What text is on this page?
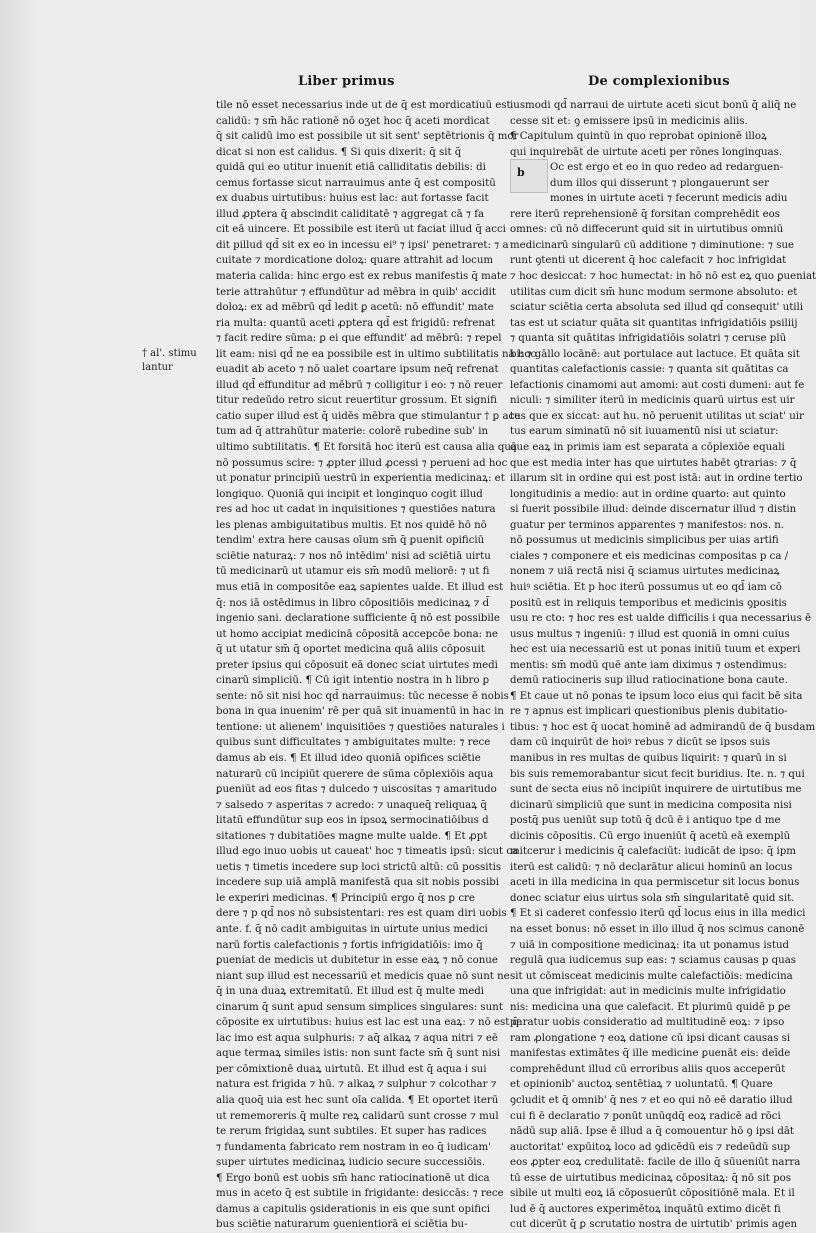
Liber primus	De complexionibus
† al'. stimu lantur
tile nō esset necessarius inde ut de q̄ est mordicatiuū est
calidū: ⁊ sm̄ hāc rationē nō oʒet hoc q̄ aceti mordicat
q̄ sit calidū imo est possibile ut sit sent' septētrionis q̄ mor
dicat si non est calidus. ¶ Si quis dixerit: q̄ sit q̄
quidā qui eo utitur inuenit etiā calliditatis debilis: di
cemus fortasse sicut narrauimus ante q̄ est compositū
ex duabus uirtutibus: huius est lac: aut fortasse facit
illud ꝓptera q̄ abscindit caliditatē ⁊ aggregat cā ⁊ fa
cit eā uincere. Et possibile est iterū ut faciat illud q̄ acci
dit pillud qd̄ sit ex eo in incessu ei⁹ ⁊ ipsi' penetraret: ⁊ a
cuitate ⁊ mordicatione doloꝝ: quare attrahit ad locum
materia calida: hinc ergo est ex rebus manifestis q̄ mate
terie attrahūtur ⁊ effundūtur ad mēbra in quib' accidit
doloꝝ: ex ad mēbrū qd̄ ledit ꝑ acetū: nō effundit' mate
ria multa: quantū aceti ꝓptera qd̄ est frigidū: refrenat
⁊ facit redire sūma: ꝑ ei que effundit' ad mēbrū: ⁊ repel
lit eam: nisi qd̄ ne ea possibile est in ultimo subtilitatis nā hoc
euadit ab aceto ⁊ nō ualet coartare ipsum neq̄ refrenat
illud qd̄ effunditur ad mēbrū ⁊ colligitur i eo: ⁊ nō reuer
titur redeūdo retro sicut reuertitur grossum. Et signifi
catio super illud est q̄ uidēs mēbra que stimulantur † ꝑ ace
tum ad q̄ attrahūtur materie: colorē rubedine sub' in
ultimo subtilitatis. ¶ Et forsitā hoc iterū est causa alia quā
nō possumus scire: ⁊ ꝓpter illud ꝓcessi ⁊ perueni ad hoc
ut ponatur principiū uestrū in experientia medicinaꝝ: et
longiquo. Quoniā qui incipit et longinquo cogit illud
res ad hoc ut cadat in inquisitiones ⁊ questiōes natura
les plenas ambiguitatibus multis. Et nos quidē hō nō
tendim' extra here causas oīum sm̄ q̄ ꝑuenit opificiū
sciētie naturaꝝ: ⁊ nos nō intēdim' nisi ad sciētiā uirtu
tū medicinarū ut utamur eis sm̄ modū meliorē: ⁊ ut fi
mus etiā in compositōe eaꝝ sapientes ualde. Et illud est
q̄: nos iā ostēdimus in libro cōpositiōis medicinaꝝ ⁊ d̄
ingenio sani. declaratione sufficiente q̄ nō est possibile
ut homo accipiat medicinā cōpositā accepcōe bona: ne
q̄ ut utatur sm̄ q̄ oportet medicina quā aliis cōposuit
preter ipsius qui cōposuit eā donec sciat uirtutes medi
cinarū simpliciū. ¶ Cū igit intentio nostra in h libro ꝑ
sente: nō sit nisi hoc qd̄ narrauimus: tūc necesse ē nobis
bona in qua inuenim' rē per quā sit inuamentū in hac in
tentione: ut alienem' inquisitiōes ⁊ questiōes naturales i
quibus sunt difficultates ⁊ ambiguitates multe: ⁊ rece
damus ab eis. ¶ Et illud ideo quoniā opifices sciētie
naturarū cū incipiūt querere de sūma cōplexiōis aqua
ꝑueniūt ad eos fitas ⁊ dulcedo ⁊ uiscositas ⁊ amaritudo
⁊ salsedo ⁊ asperitas ⁊ acredo: ⁊ unaqueq̄ reliquaꝝ q̄
litatū effundūtur sup eos in ipsoꝝ sermocinatiōibus d
sitationes ⁊ dubitatiōes magne multe ualde. ¶ Et ꝓpt
illud ego inuo uobis ut caueat' hoc ⁊ timeatis ipsū: sicut ca
uetis ⁊ timetis incedere sup loci strictū altū: cū possitis
incedere sup uiā amplā manifestā qua sit nobis possibi
le experiri medicinas. ¶ Principiū ergo q̄ nos ꝑ cre
dere ⁊ p qd̄ nos nō subsistentari: res est quam diri uobis
ante. f. q̄ nō cadit ambiguitas in uirtute unius medici
narū fortis calefactionis ⁊ fortis infrigidatiōis: imo q̄
ꝑueniat de medicis ut dubitetur in esse eaꝝ ⁊ nō conue
niant sup illud est necessariū et medicis quae nō sunt ne
q̄ in una duaꝝ extremitatū. Et illud est q̄ multe medi
cinarum q̄ sunt apud sensum simplices singulares: sunt
cōposite ex uirtutibus: huius est lac est una eaꝝ: ⁊ nō est q̄
lac imo est aqua sulphuris: ⁊ aq̄ alkaꝝ ⁊ aqua nitri ⁊ eē
aque termaꝝ similes istis: non sunt facte sm̄ q̄ sunt nisi
per cōmixtionē duaꝝ uirtutū. Et illud est q̄ aqua i sui
natura est frigida ⁊ hū. ⁊ alkaꝝ ⁊ sulphur ⁊ colcothar ⁊
alia quoq̄ uia est hec sunt oīa calida. ¶ Et oportet iterū
ut rememoreris q̄ multe reꝝ calidarū sunt crosse ⁊ mul
te rerum frigidaꝝ sunt subtiles. Et super has radices
⁊ fundamenta fabricato rem nostram in eo q̄ iudicam'
super uirtutes medicinaꝝ iudicio secure successiōis.
¶ Ergo bonū est uobis sm̄ hanc ratiocinationē ut dica
mus in aceto q̄ est subtile in frigidante: desiccās: ⁊ rece
damus a capitulis ꝯsiderationis in eis que sunt opifici
bus sciētie naturarum ꝯuenientiorā ei sciētia bu-
iusmodi qd̄ narraui de uirtute aceti sicut bonū q̄ aliq̄ ne
cesse sit et: ꝯ emissere ipsū in medicinis aliis.
¶ Capitulum quintū in quo reprobat opinionē illoꝝ
qui inquirebāt de uirtute aceti per rōnes longinquas.
Oc est ergo et eo in quo redeo ad redarguen-
dum illos qui disserunt ⁊ plongauerunt ser
mones in uirtute aceti ⁊ fecerunt medicis adiu
rere iterū reprehensionē q̄ forsitan comprehēdit eos
omnes: cū nō diffecerunt quid sit in uirtutibus omniū
medicinarū singularū cū additione ⁊ diminutione: ⁊ sue
runt ꝯtenti ut dicerent q̄ hoc calefacit ⁊ hoc infrigidat
⁊ hoc desiccat: ⁊ hoc humectat: in hō nō est eꝝ quo ꝑueniat
utilitas cum dicit sm̄ hunc modum sermone absoluto: et
sciatur sciētia certa absoluta sed illud qd̄ consequit' utili
tas est ut sciatur quāta sit quantitas infrigidatiōis psiliij
⁊ quanta sit quātitas infrigidatiōis solatri ⁊ ceruse plū
bi: ⁊ gāllo locānē: aut portulace aut lactuce. Et quāta sit
quantitas calefactionis cassie: ⁊ quanta sit quātitas ca
lefactionis cinamomi aut amomi: aut costi dumeni: aut fe
niculi: ⁊ similiter iterū in medicinis quarū uirtus est uir
tus que ex siccat: aut hu. nō peruenit utilitas ut sciat' uir
tus earum siminatū nō sit iuuamentū nisi ut sciatur:
que eaꝝ in primis iam est separata a cōplexiōe equali
que est media inter has que uirtutes habēt ꝯtrarias: ⁊ q̄
illarum sit in ordine qui est post istā: aut in ordine tertio
longitudinis a medio: aut in ordine quarto: aut quinto
si fuerit possibile illud: deinde discernatur illud ⁊ distin
guatur per terminos apparentes ⁊ manifestos: nos. n.
nō possumus ut medicinis simplicibus per uias artifi
ciales ⁊ componere et eis medicinas compositas p ca /
nonem ⁊ uiā rectā nisi q̄ sciamus uirtutes medicinaꝝ
huiꝰ sciētia. Et p hoc iterū possumus ut eo qd̄ iam cō
positū est in reliquis temporibus et medicinis ꝯpositis
usu re cto: ⁊ hoc res est ualde difficilis i qua necessarius ē
usus multus ⁊ ingeniū: ⁊ illud est quoniā in omni cuius
hec est uia necessariū est ut ponas initiū tuum et experi
mentis: sm̄ modū quē ante iam diximus ⁊ ostendimus:
demū ratiocineris sup illud ratiocinatione bona caute.
¶ Et caue ut nō ponas te ipsum loco eius qui facit bē sita
re ⁊ apnus est implicari questionibus plenis dubitatio-
tibus: ⁊ hoc est q̄ uocat hominē ad admirandū de q̄ busdam
dam cū inquirūt de hoiꝰ rebus ⁊ dicūt se ipsos suis
manibus in res multas de quibus liquirit: ⁊ quarū in si
bis suis rememorabantur sicut fecit buridius. Ite. n. ⁊ qui
sunt de secta eius nō incipiūt inquirere de uirtutibus me
dicinarū simpliciū que sunt in medicina composita nisi
postq̄ pus ueniūt sup totū q̄ dcū ē i antiquo tpe d me
dicinis cōpositis. Cū ergo inueniūt q̄ acetū eā exemplū
mitcerur i medicinis q̄ calefaciūt: iudicāt de ipso: q̄ ipm
iterū est calidū: ⁊ nō declarātur alicui hominū an locus
aceti in illa medicina in qua permiscetur sit locus bonus
donec sciatur eius uirtus sola sm̄ singularitatē quid sit.
¶ Et si caderet confessio iterū qd̄ locus eius in illa medici
na esset bonus: nō esset in illo illud q̄ nos scimus canonē
⁊ uiā in compositione medicinaꝝ: ita ut ponamus istud
regulā qua iudicemus sup eas: ⁊ sciamus causas p quas
sit ut cōmisceat medicinis multe calefactiōis: medicina
una que infrigidat: aut in medicinis multe infrigidatio
nis: medicina una que calefacit. Et plurimū quidē p ꝑe
paratur uobis consideratio ad multitudinē eoꝝ: ⁊ ipso
ram ꝓlongatione ⁊ eoꝝ datione cū ipsi dicant causas si
manifestas extimātes q̄ ille medicine ꝑuenāt eis: deīde
comprehēdunt illud cū erroribus aliis quos acceperūt
et opinionib' auctoꝝ sentētiaꝝ ⁊ uoluntatū. ¶ Quare
ꝯcludit et q̄ omnib' q̄ nes ⁊ et eo qui nō eē daratio illud
cui fi ē declaratio ⁊ ponūt unūqdq̄ eoꝝ radicē ad rōci
nādū sup aliā. Ipse ē illud a q̄ comouentur hō ꝯ ipsi dāt
auctoritat' expūitoꝝ loco ad ꝯdicēdū eis ⁊ redeūdū sup
eos ꝓpter eoꝝ credulitatē: facile de illo q̄ sūueniūt narra
tū esse de uirtutibus medicinaꝝ cōpositaꝝ: q̄ nō sit pos
sibile ut multi eoꝝ iā cōposuerūt cōpositiōnē mala. Et il
lud ē q̄ auctores experimētoꝝ inquātū extimo dicēt fi
cut dicerūt q̄ ꝑ scrutatio nostra de uirtutib' primis agen
b
